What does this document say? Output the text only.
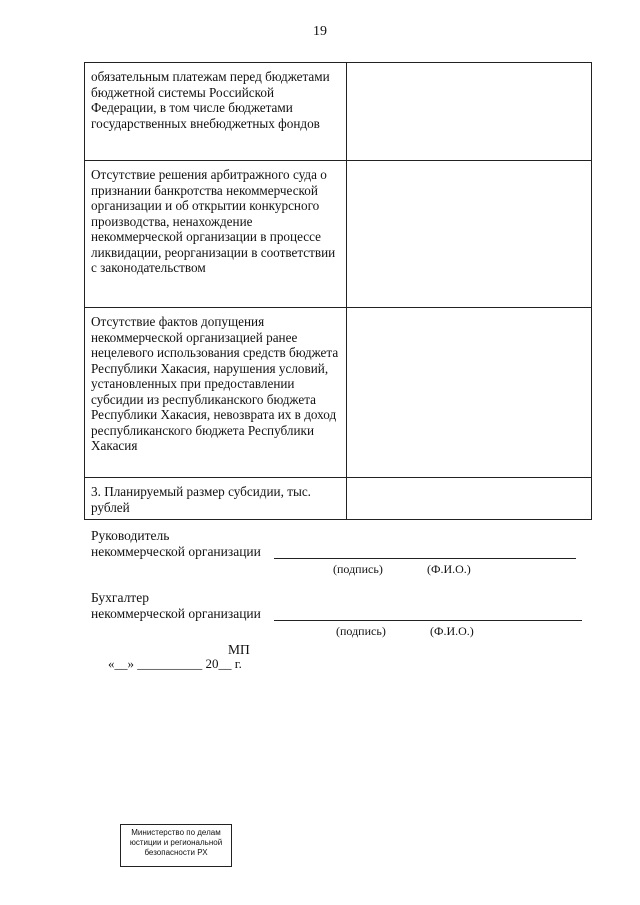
19
обязательным платежам перед бюджетами бюджетной системы Российской Федерации, в том числе бюджетами государственных внебюджетных фондов	
Отсутствие решения арбитражного суда о признании банкротства некоммерческой организации и об открытии конкурсного производства, ненахождение некоммерческой организации в процессе ликвидации, реорганизации в соответствии с законодательством	
Отсутствие фактов допущения некоммерческой организацией ранее нецелевого использования средств бюджета Республики Хакасия, нарушения условий, установленных при предоставлении субсидии из республиканского бюджета Республики Хакасия, невозврата их в доход республиканского бюджета Республики Хакасия	
3. Планируемый размер субсидии, тыс. рублей	
Руководитель
некоммерческой организации
(подпись)	(Ф.И.О.)
Бухгалтер
некоммерческой организации
(подпись)	(Ф.И.О.)
МП
«__» __________ 20__ г.
Министерство по делам
юстиции и региональной
безопасности РХ
